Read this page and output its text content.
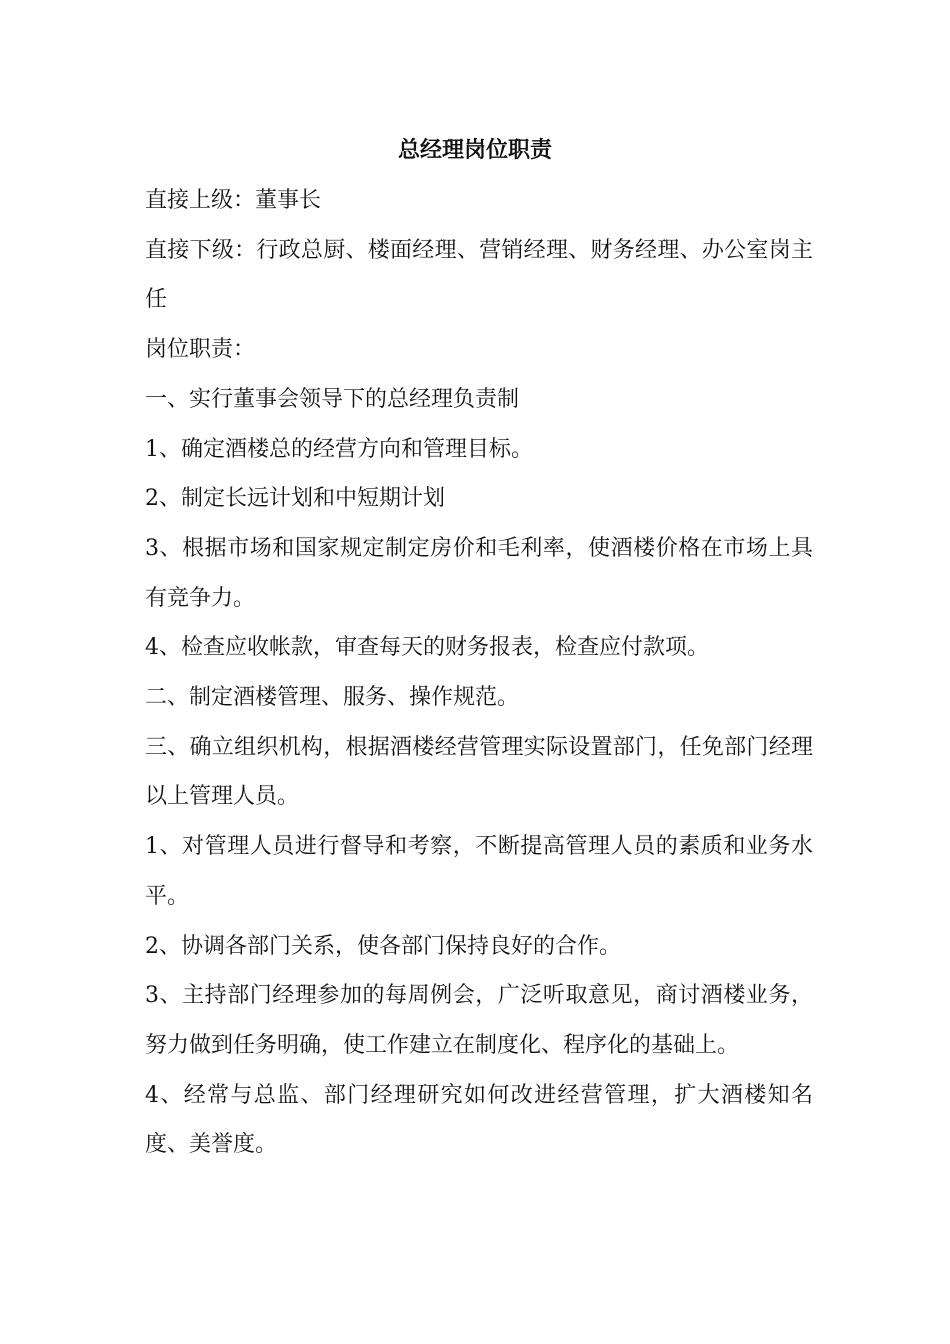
总经理岗位职责

直接上级：董事长

直接下级：行政总厨、楼面经理、营销经理、财务经理、办公室岗主任

岗位职责：

一、实行董事会领导下的总经理负责制

1、确定酒楼总的经营方向和管理目标。

2、制定长远计划和中短期计划

3、根据市场和国家规定制定房价和毛利率，使酒楼价格在市场上具有竞争力。

4、检查应收帐款，审查每天的财务报表，检查应付款项。

二、制定酒楼管理、服务、操作规范。

三、确立组织机构，根据酒楼经营管理实际设置部门，任免部门经理以上管理人员。

1、对管理人员进行督导和考察，不断提高管理人员的素质和业务水平。

2、协调各部门关系，使各部门保持良好的合作。

3、主持部门经理参加的每周例会，广泛听取意见，商讨酒楼业务，努力做到任务明确，使工作建立在制度化、程序化的基础上。

4、经常与总监、部门经理研究如何改进经营管理，扩大酒楼知名度、美誉度。
